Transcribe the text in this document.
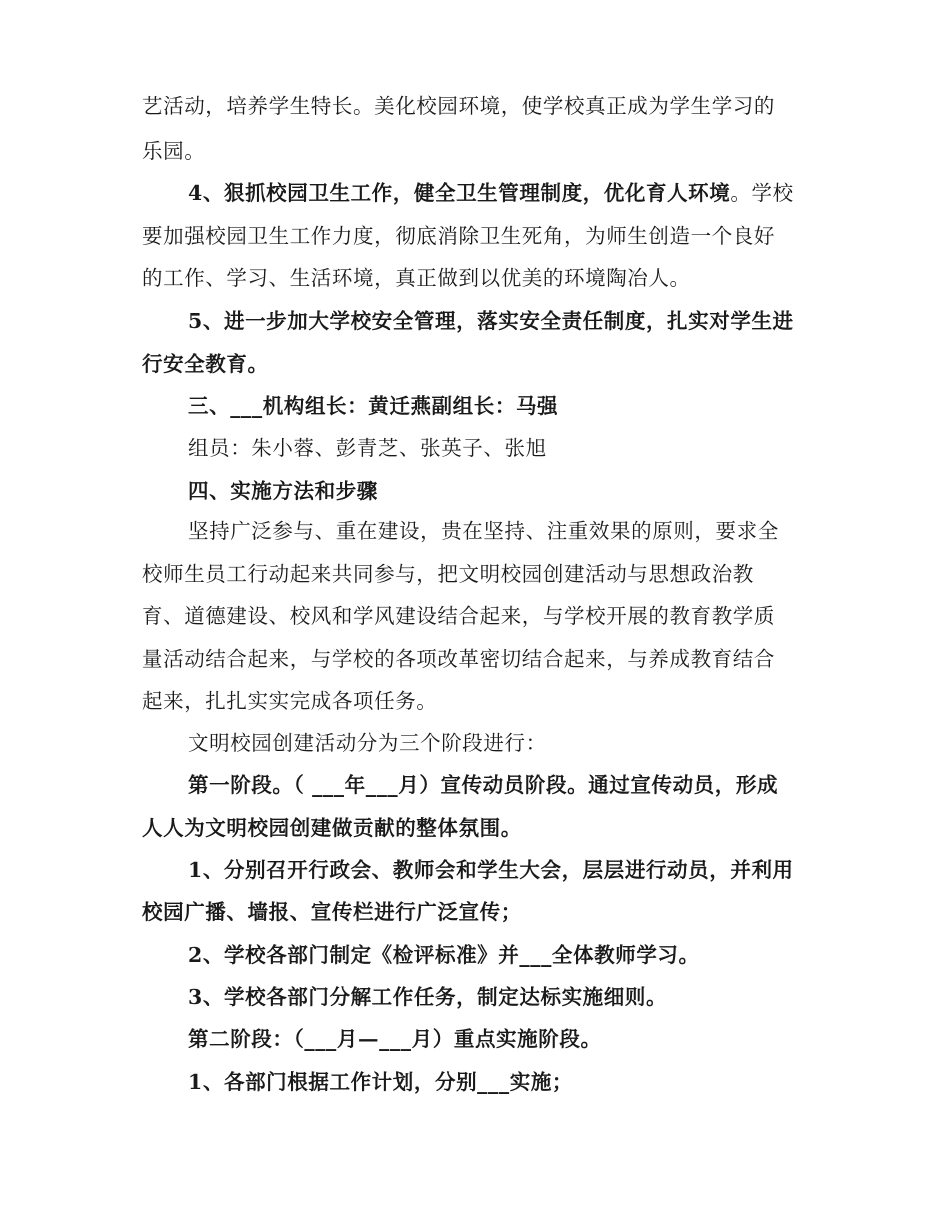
艺活动，培养学生特长。美化校园环境，使学校真正成为学生学习的
乐园。
4、狠抓校园卫生工作，健全卫生管理制度，优化育人环境。学校
要加强校园卫生工作力度，彻底消除卫生死角，为师生创造一个良好
的工作、学习、生活环境，真正做到以优美的环境陶冶人。
5、进一步加大学校安全管理，落实安全责任制度，扎实对学生进
行安全教育。
三、___机构组长：黄迁燕副组长：马强
组员：朱小蓉、彭青芝、张英子、张旭
四、实施方法和步骤
坚持广泛参与、重在建设，贵在坚持、注重效果的原则，要求全
校师生员工行动起来共同参与，把文明校园创建活动与思想政治教
育、道德建设、校风和学风建设结合起来，与学校开展的教育教学质
量活动结合起来，与学校的各项改革密切结合起来，与养成教育结合
起来，扎扎实实完成各项任务。
文明校园创建活动分为三个阶段进行：
第一阶段。（ ___年___月）宣传动员阶段。通过宣传动员，形成
人人为文明校园创建做贡献的整体氛围。
1、分别召开行政会、教师会和学生大会，层层进行动员，并利用
校园广播、墙报、宣传栏进行广泛宣传；
2、学校各部门制定《检评标准》并___全体教师学习。
3、学校各部门分解工作任务，制定达标实施细则。
第二阶段：（___月—___月）重点实施阶段。
1、各部门根据工作计划，分别___实施；
